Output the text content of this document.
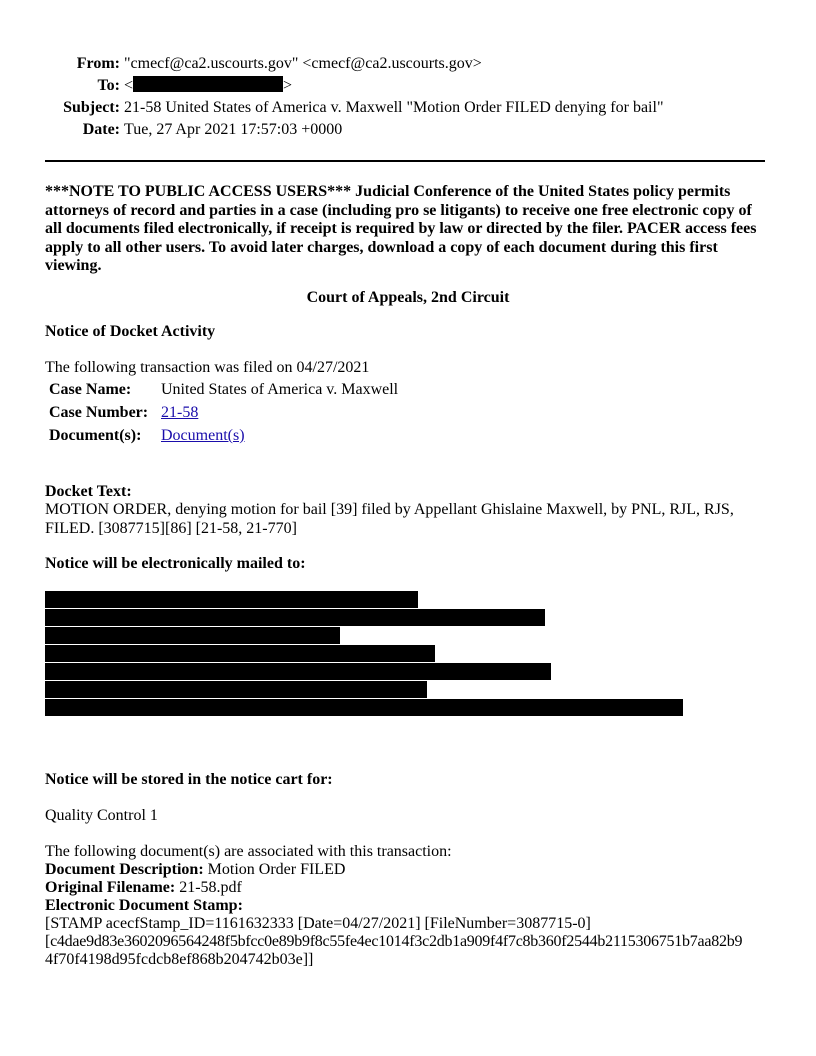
From: "cmecf@ca2.uscourts.gov" <cmecf@ca2.uscourts.gov>
To: <	>
Subject: 21-58 United States of America v. Maxwell "Motion Order FILED denying for bail"
Date: Tue, 27 Apr 2021 17:57:03 +0000
***NOTE TO PUBLIC ACCESS USERS*** Judicial Conference of the United States policy permits attorneys of record and parties in a case (including pro se litigants) to receive one free electronic copy of all documents filed electronically, if receipt is required by law or directed by the filer. PACER access fees apply to all other users. To avoid later charges, download a copy of each document during this first viewing.
Court of Appeals, 2nd Circuit
Notice of Docket Activity
The following transaction was filed on 04/27/2021
Case Name: United States of America v. Maxwell
Case Number: 21-58
Document(s): Document(s)
Docket Text:
MOTION ORDER, denying motion for bail [39] filed by Appellant Ghislaine Maxwell, by PNL, RJL, RJS, FILED. [3087715][86] [21-58, 21-770]
Notice will be electronically mailed to:
Notice will be stored in the notice cart for:
Quality Control 1
The following document(s) are associated with this transaction:
Document Description: Motion Order FILED
Original Filename: 21-58.pdf
Electronic Document Stamp:
[STAMP acecfStamp_ID=1161632333 [Date=04/27/2021] [FileNumber=3087715-0]
[c4dae9d83e3602096564248f5bfcc0e89b9f8c55fe4ec1014f3c2db1a909f4f7c8b360f2544b2115306751b7aa82b9
4f70f4198d95fcdcb8ef868b204742b03e]]
